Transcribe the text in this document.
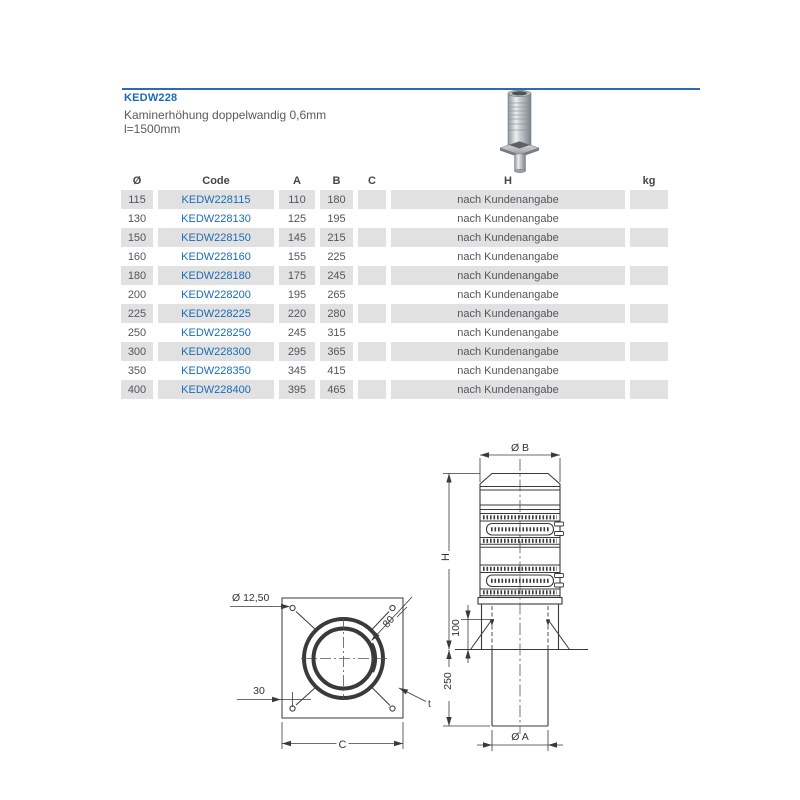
KEDW228
Kaminerhöhung doppelwandig 0,6mm
l=1500mm
Ø	Code	A	B	C	H	kg
115	KEDW228115	110	180		nach Kundenangabe	
130	KEDW228130	125	195		nach Kundenangabe	
150	KEDW228150	145	215		nach Kundenangabe	
160	KEDW228160	155	225		nach Kundenangabe	
180	KEDW228180	175	245		nach Kundenangabe	
200	KEDW228200	195	265		nach Kundenangabe	
225	KEDW228225	220	280		nach Kundenangabe	
250	KEDW228250	245	315		nach Kundenangabe	
300	KEDW228300	295	365		nach Kundenangabe	
350	KEDW228350	345	415		nach Kundenangabe	
400	KEDW228400	395	465		nach Kundenangabe	
Ø 12,50
80
30
C
t
Ø B
H
100
250
Ø A
